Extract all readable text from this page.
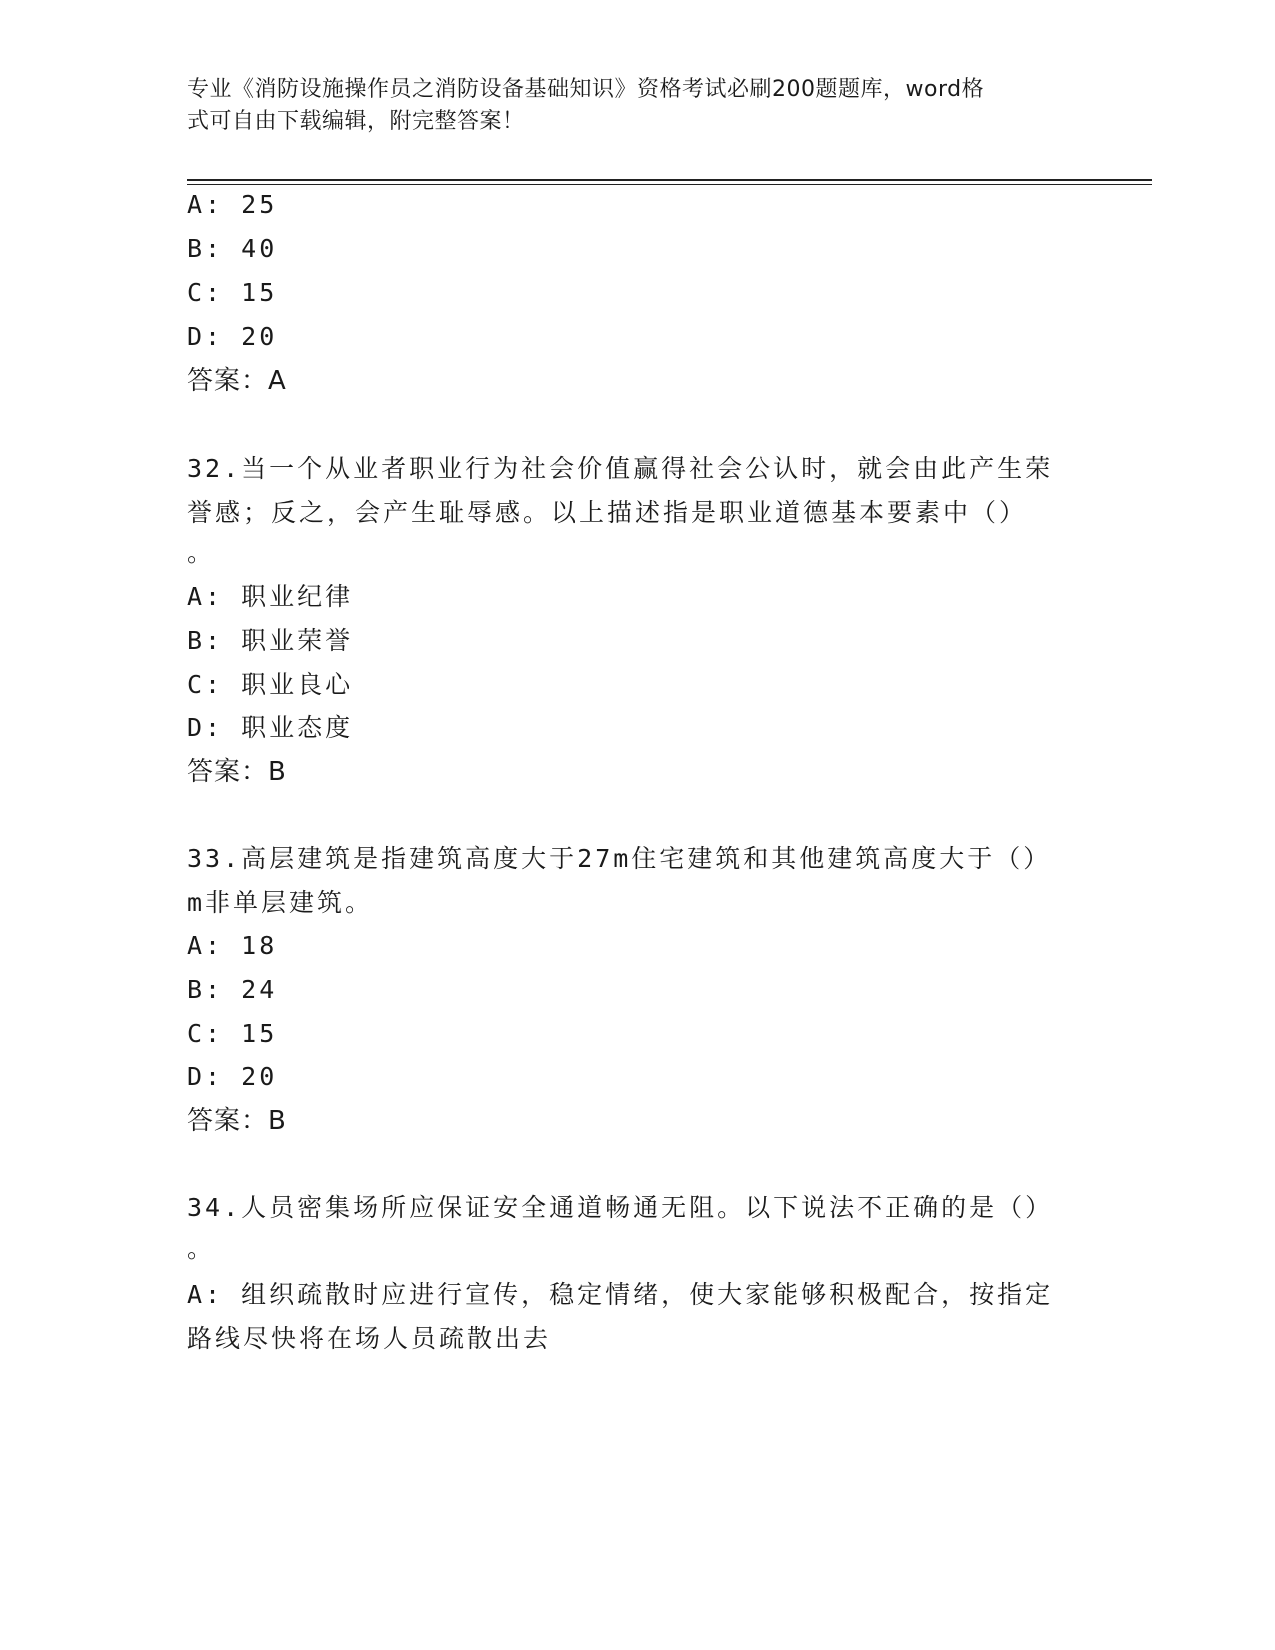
专业《消防设施操作员之消防设备基础知识》资格考试必刷200题题库，word格
式可自由下载编辑，附完整答案！
A: 25
B: 40
C: 15
D: 20
答案：A
32.当一个从业者职业行为社会价值赢得社会公认时，就会由此产生荣
誉感；反之，会产生耻辱感。以上描述指是职业道德基本要素中（）
。
A: 职业纪律
B: 职业荣誉
C: 职业良心
D: 职业态度
答案：B
33.高层建筑是指建筑高度大于27m住宅建筑和其他建筑高度大于（）
m非单层建筑。
A: 18
B: 24
C: 15
D: 20
答案：B
34.人员密集场所应保证安全通道畅通无阻。以下说法不正确的是（）
。
A: 组织疏散时应进行宣传，稳定情绪，使大家能够积极配合，按指定
路线尽快将在场人员疏散出去
